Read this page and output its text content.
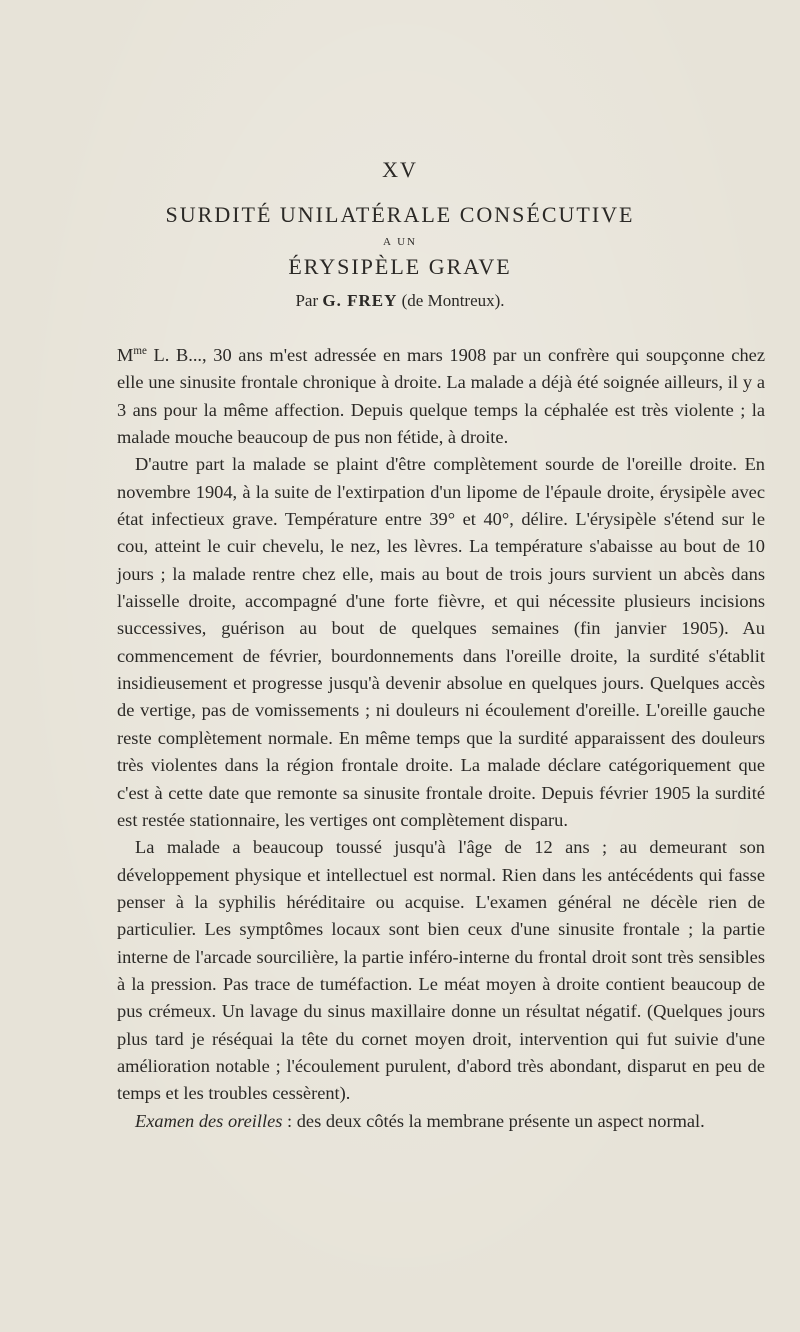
XV
SURDITÉ UNILATÉRALE CONSÉCUTIVE
A UN
ÉRYSIPÈLE GRAVE
Par G. FREY (de Montreux).

$M^{me}$ L. B..., 30 ans m'est adressée en mars 1908 par un confrère qui soupçonne chez elle une sinusite frontale chronique à droite. La malade a déjà été soignée ailleurs, il y a 3 ans pour la même affection. Depuis quelque temps la céphalée est très violente ; la malade mouche beaucoup de pus non fétide, à droite.

D'autre part la malade se plaint d'être complètement sourde de l'oreille droite. En novembre 1904, à la suite de l'extirpation d'un lipome de l'épaule droite, érysipèle avec état infectieux grave. Température entre 39° et 40°, délire. L'érysipèle s'étend sur le cou, atteint le cuir chevelu, le nez, les lèvres. La température s'abaisse au bout de 10 jours ; la malade rentre chez elle, mais au bout de trois jours survient un abcès dans l'aisselle droite, accompagné d'une forte fièvre, et qui nécessite plusieurs incisions successives, guérison au bout de quelques semaines (fin janvier 1905). Au commencement de février, bourdonnements dans l'oreille droite, la surdité s'établit insidieusement et progresse jusqu'à devenir absolue en quelques jours. Quelques accès de vertige, pas de vomissements ; ni douleurs ni écoulement d'oreille. L'oreille gauche reste complètement normale. En même temps que la surdité apparaissent des douleurs très violentes dans la région frontale droite. La malade déclare catégoriquement que c'est à cette date que remonte sa sinusite frontale droite. Depuis février 1905 la surdité est restée stationnaire, les vertiges ont complètement disparu.

La malade a beaucoup toussé jusqu'à l'âge de 12 ans ; au demeurant son développement physique et intellectuel est normal. Rien dans les antécédents qui fasse penser à la syphilis héréditaire ou acquise. L'examen général ne décèle rien de particulier. Les symptômes locaux sont bien ceux d'une sinusite frontale ; la partie interne de l'arcade sourcilière, la partie inféro-interne du frontal droit sont très sensibles à la pression. Pas trace de tuméfaction. Le méat moyen à droite contient beaucoup de pus crémeux. Un lavage du sinus maxillaire donne un résultat négatif. (Quelques jours plus tard je réséquai la tête du cornet moyen droit, intervention qui fut suivie d'une amélioration notable ; l'écoulement purulent, d'abord très abondant, disparut en peu de temps et les troubles cessèrent).

Examen des oreilles : des deux côtés la membrane présente un aspect normal.
